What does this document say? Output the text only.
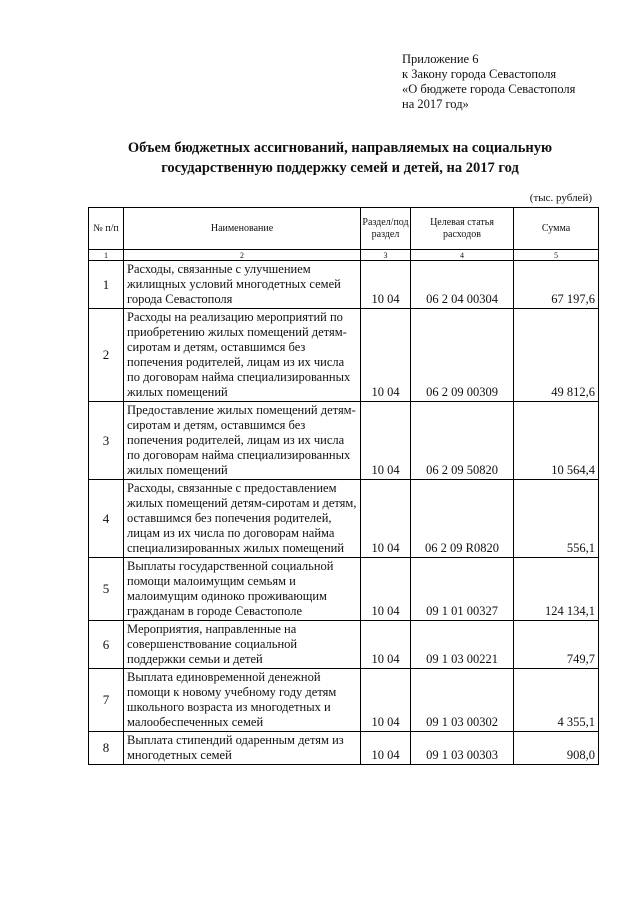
Приложение 6
к Закону города Севастополя
«О бюджете города Севастополя
на 2017 год»
Объем бюджетных ассигнований, направляемых на социальную
государственную поддержку семей и детей, на 2017 год
(тыс. рублей)
№ п/п	Наименование	Раздел/под раздел	Целевая статья расходов	Сумма
1	2	3	4	5
1	Расходы, связанные с улучшением жилищных условий многодетных семей города Севастополя	10 04	06 2 04 00304	67 197,6
2	Расходы на реализацию мероприятий по приобретению жилых помещений детям-сиротам и детям, оставшимся без попечения родителей, лицам из их числа по договорам найма специализированных жилых помещений	10 04	06 2 09 00309	49 812,6
3	Предоставление жилых помещений детям-сиротам и детям, оставшимся без попечения родителей, лицам из их числа по договорам найма специализированных жилых помещений	10 04	06 2 09 50820	10 564,4
4	Расходы, связанные с предоставлением жилых помещений детям-сиротам и детям, оставшимся без попечения родителей, лицам из их числа по договорам найма специализированных жилых помещений	10 04	06 2 09 R0820	556,1
5	Выплаты государственной социальной помощи малоимущим семьям и малоимущим одиноко проживающим гражданам в городе Севастополе	10 04	09 1 01 00327	124 134,1
6	Мероприятия, направленные на совершенствование социальной поддержки семьи и детей	10 04	09 1 03 00221	749,7
7	Выплата единовременной денежной помощи к новому учебному году детям школьного возраста из многодетных и малообеспеченных семей	10 04	09 1 03 00302	4 355,1
8	Выплата стипендий одаренным детям из многодетных семей	10 04	09 1 03 00303	908,0
